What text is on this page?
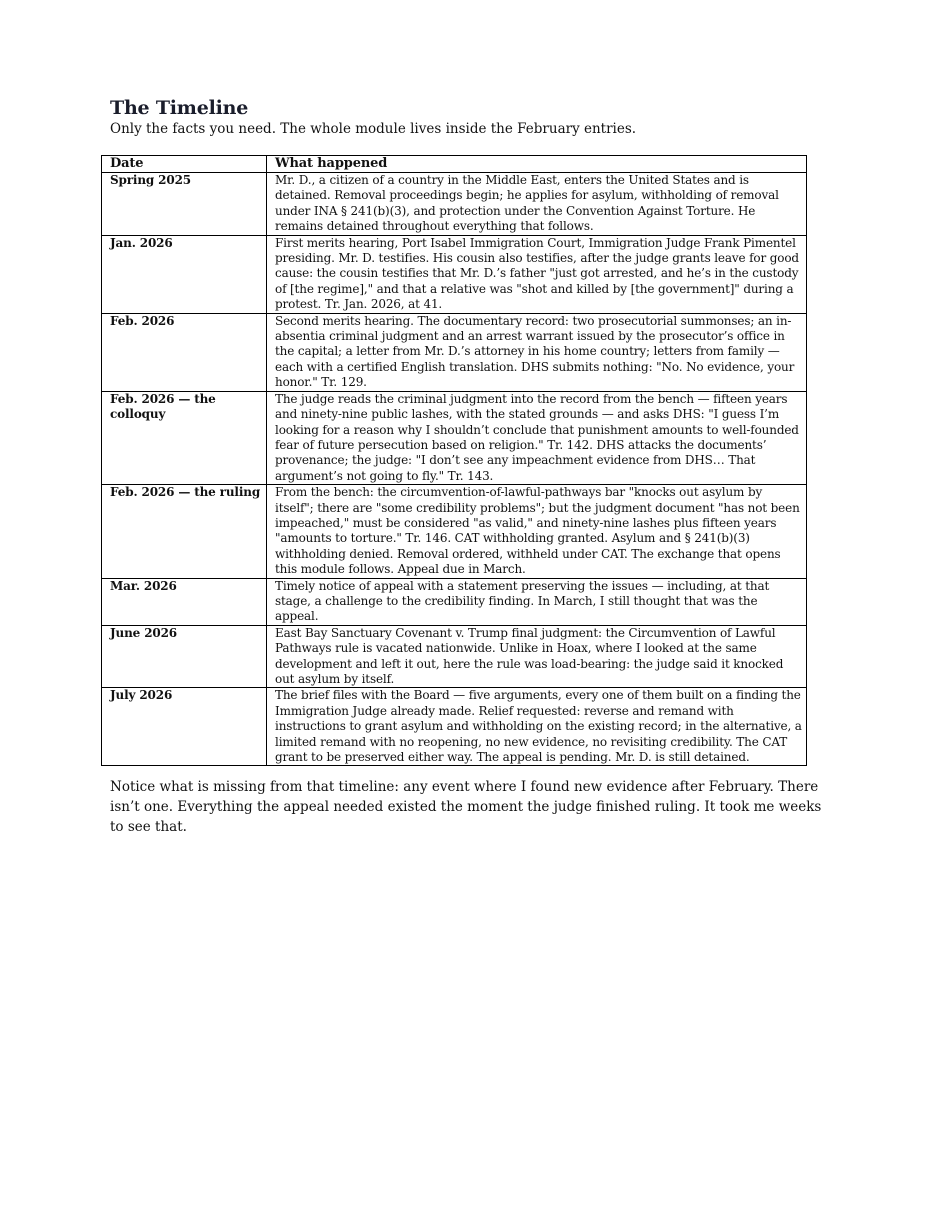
The Timeline

Only the facts you need. The whole module lives inside the February entries.

Date	What happened
Spring 2025	Mr. D., a citizen of a country in the Middle East, enters the United States and is detained. Removal proceedings begin; he applies for asylum, withholding of removal under INA § 241(b)(3), and protection under the Convention Against Torture. He remains detained throughout everything that follows.
Jan. 2026	First merits hearing, Port Isabel Immigration Court, Immigration Judge Frank Pimentel presiding. Mr. D. testifies. His cousin also testifies, after the judge grants leave for good cause: the cousin testifies that Mr. D.’s father "just got arrested, and he’s in the custody of [the regime]," and that a relative was "shot and killed by [the government]" during a protest. Tr. Jan. 2026, at 41.
Feb. 2026	Second merits hearing. The documentary record: two prosecutorial summonses; an in-absentia criminal judgment and an arrest warrant issued by the prosecutor’s office in the capital; a letter from Mr. D.’s attorney in his home country; letters from family — each with a certified English translation. DHS submits nothing: "No. No evidence, your honor." Tr. 129.
Feb. 2026 — the colloquy	The judge reads the criminal judgment into the record from the bench — fifteen years and ninety-nine public lashes, with the stated grounds — and asks DHS: "I guess I’m looking for a reason why I shouldn’t conclude that punishment amounts to well-founded fear of future persecution based on religion." Tr. 142. DHS attacks the documents’ provenance; the judge: "I don’t see any impeachment evidence from DHS… That argument’s not going to fly." Tr. 143.
Feb. 2026 — the ruling	From the bench: the circumvention-of-lawful-pathways bar "knocks out asylum by itself"; there are "some credibility problems"; but the judgment document "has not been impeached," must be considered "as valid," and ninety-nine lashes plus fifteen years "amounts to torture." Tr. 146. CAT withholding granted. Asylum and § 241(b)(3) withholding denied. Removal ordered, withheld under CAT. The exchange that opens this module follows. Appeal due in March.
Mar. 2026	Timely notice of appeal with a statement preserving the issues — including, at that stage, a challenge to the credibility finding. In March, I still thought that was the appeal.
June 2026	East Bay Sanctuary Covenant v. Trump final judgment: the Circumvention of Lawful Pathways rule is vacated nationwide. Unlike in Hoax, where I looked at the same development and left it out, here the rule was load-bearing: the judge said it knocked out asylum by itself.
July 2026	The brief files with the Board — five arguments, every one of them built on a finding the Immigration Judge already made. Relief requested: reverse and remand with instructions to grant asylum and withholding on the existing record; in the alternative, a limited remand with no reopening, no new evidence, no revisiting credibility. The CAT grant to be preserved either way. The appeal is pending. Mr. D. is still detained.

Notice what is missing from that timeline: any event where I found new evidence after February. There isn’t one. Everything the appeal needed existed the moment the judge finished ruling. It took me weeks to see that.
